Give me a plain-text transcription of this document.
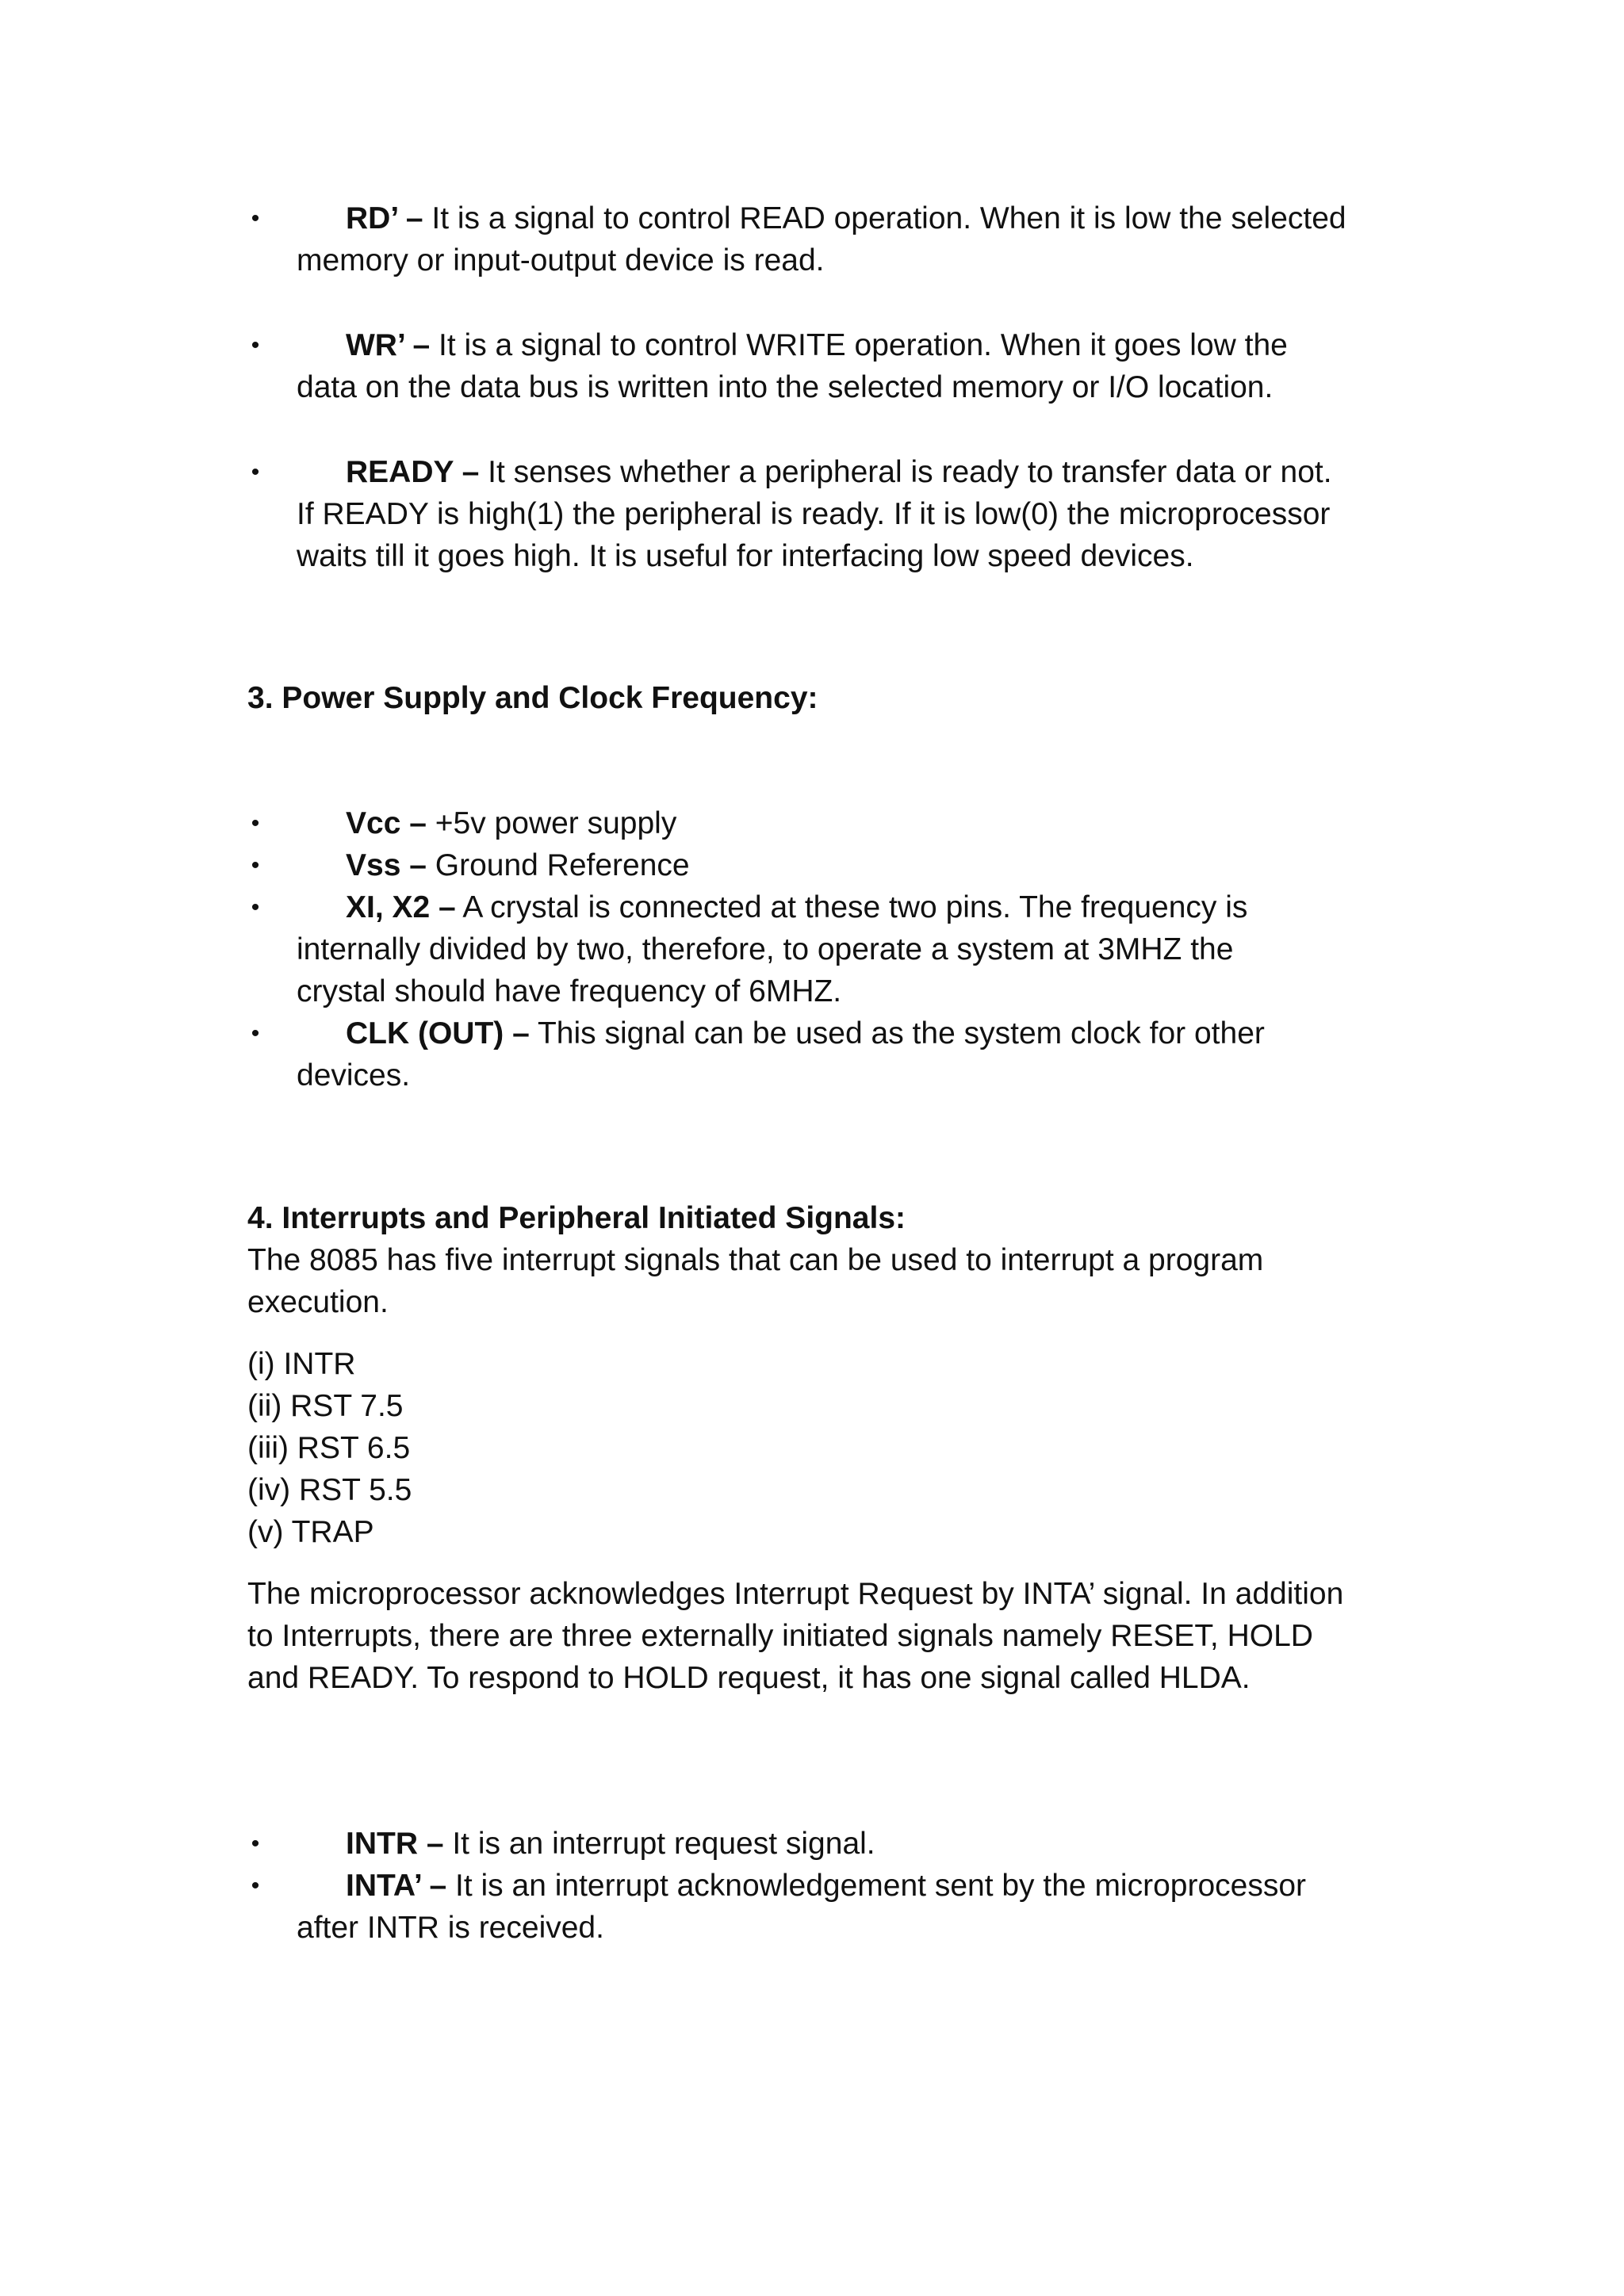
•	RD’ – It is a signal to control READ operation. When it is low the selected
memory or input-output device is read.
•	WR’ – It is a signal to control WRITE operation. When it goes low the
data on the data bus is written into the selected memory or I/O location.
•	READY – It senses whether a peripheral is ready to transfer data or not.
If READY is high(1) the peripheral is ready. If it is low(0) the microprocessor
waits till it goes high. It is useful for interfacing low speed devices.
3. Power Supply and Clock Frequency:
•	Vcc – +5v power supply
•	Vss – Ground Reference
•	XI, X2 – A crystal is connected at these two pins. The frequency is
internally divided by two, therefore, to operate a system at 3MHZ the
crystal should have frequency of 6MHZ.
•	CLK (OUT) – This signal can be used as the system clock for other
devices.
4. Interrupts and Peripheral Initiated Signals:
The 8085 has five interrupt signals that can be used to interrupt a program
execution.
(i) INTR
(ii) RST 7.5
(iii) RST 6.5
(iv) RST 5.5
(v) TRAP
The microprocessor acknowledges Interrupt Request by INTA’ signal. In addition
to Interrupts, there are three externally initiated signals namely RESET, HOLD
and READY. To respond to HOLD request, it has one signal called HLDA.
•	INTR – It is an interrupt request signal.
•	INTA’ – It is an interrupt acknowledgement sent by the microprocessor
after INTR is received.
